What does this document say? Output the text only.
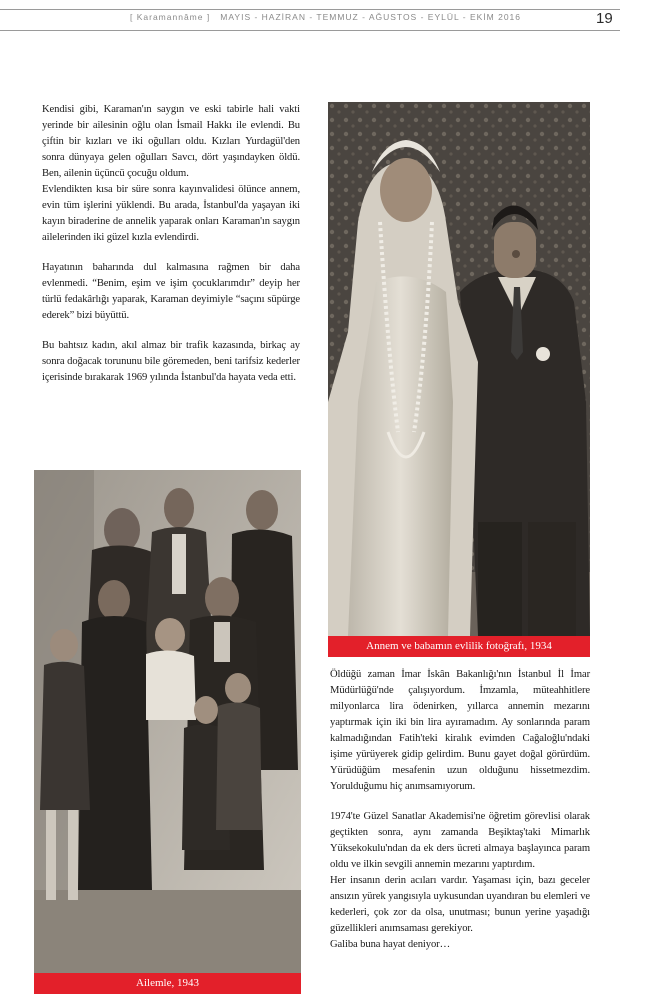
[ Karamannâme ] MAYIS - HAZİRAN - TEMMUZ - AĞUSTOS - EYLÜL - EKİM 2016	19

Kendisi gibi, Karaman'ın saygın ve eski tabirle hali vakti yerinde bir ailesinin oğlu olan İsmail Hakkı ile evlendi. Bu çiftin bir kızları ve iki oğulları oldu. Kızları Yurdagül'den sonra dünyaya gelen oğulları Savcı, dört yaşındayken öldü. Ben, ailenin üçüncü çocuğu oldum.

Evlendikten kısa bir süre sonra kayınvalidesi ölünce annem, evin tüm işlerini yüklendi. Bu arada, İstanbul'da yaşayan iki kayın biraderine de annelik yaparak onları Karaman'ın saygın ailelerinden iki güzel kızla evlendirdi.

Hayatının baharında dul kalmasına rağmen bir daha evlenmedi. “Benim, eşim ve işim çocuklarımdır” deyip her türlü fedakârlığı yaparak, Karaman deyimiyle “saçını süpürge ederek” bizi büyüttü.

Bu bahtsız kadın, akıl almaz bir trafik kazasında, birkaç ay sonra doğacak torununu bile göremeden, beni tarifsiz kederler içerisinde bırakarak 1969 yılında İstanbul'da hayata veda etti.

Annem ve babamın evlilik fotoğrafı, 1934
Ailemle, 1943

Öldüğü zaman İmar İskân Bakanlığı'nın İstanbul İl İmar Müdürlüğü'nde çalışıyordum. İmzamla, müteahhitlere milyonlarca lira ödenirken, yıllarca annemin mezarını yaptırmak için iki bin lira ayıramadım. Ay sonlarında param kalmadığından Fatih'teki kiralık evimden Cağaloğlu'ndaki işime yürüyerek gidip gelirdim. Bunu gayet doğal görürdüm. Yürüdüğüm mesafenin uzun olduğunu hissetmezdim. Yorulduğumu hiç anımsamıyorum.

1974'te Güzel Sanatlar Akademisi'ne öğretim görevlisi olarak geçtikten sonra, aynı zamanda Beşiktaş'taki Mimarlık Yüksekokulu'ndan da ek ders ücreti almaya başlayınca param oldu ve ilkin sevgili annemin mezarını yaptırdım.

Her insanın derin acıları vardır. Yaşaması için, bazı geceler ansızın yürek yangısıyla uykusundan uyandıran bu elemleri ve kederleri, çok zor da olsa, unutması; bunun yerine yaşadığı güzellikleri anımsaması gerekiyor.

Galiba buna hayat deniyor…
